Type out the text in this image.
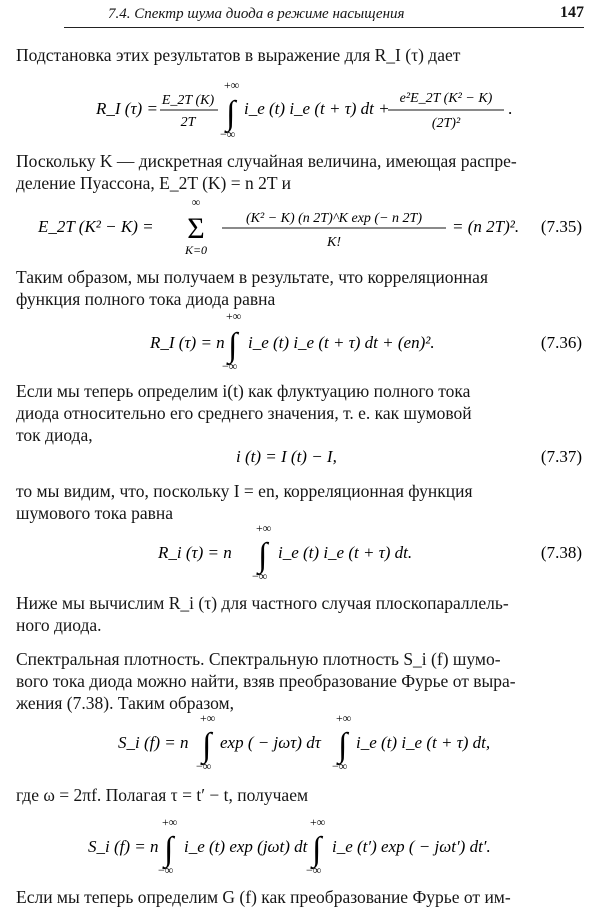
7.4. Спектр шума диода в режиме насыщения	147

Подстановка этих результатов в выражение для R_I (τ) дает

R_I (τ) = E_2T (K)
2T
+∞
∫
−∞
i_e (t) i_e (t + τ) dt +
e²E_2T (K² − K)
(2T)²
.

Поскольку K — дискретная случайная величина, имеющая распре-
деление Пуассона, E_2T (K) = n 2T и

E_2T (K² − K) =
∞
Σ
K=0
(K² − K) (n 2T)^K exp (− n 2T)
K!
= (n 2T)². (7.35)

Таким образом, мы получаем в результате, что корреляционная
функция полного тока диода равна

R_I (τ) = n
+∞
∫
−∞
i_e (t) i_e (t + τ) dt + (en)².	(7.36)

Если мы теперь определим i(t) как флуктуацию полного тока
диода относительно его среднего значения, т. е. как шумовой
ток диода,

i (t) = I (t) − I,	(7.37)

то мы видим, что, поскольку I = en, корреляционная функция
шумового тока равна

R_i (τ) = n
+∞
∫
−∞
i_e (t) i_e (t + τ) dt.	(7.38)

Ниже мы вычислим R_i (τ) для частного случая плоскопараллель-
ного диода.

Спектральная плотность. Спектральную плотность S_i (f) шумо-
вого тока диода можно найти, взяв преобразование Фурье от выра-
жения (7.38). Таким образом,

S_i (f) = n
+∞
∫
−∞
exp ( − jωτ) dτ
+∞
∫
−∞
i_e (t) i_e (t + τ) dt,

где ω = 2πf. Полагая τ = t′ − t, получаем

S_i (f) = n
+∞
∫
−∞
i_e (t) exp (jωt) dt
+∞
∫
−∞
i_e (t′) exp ( − jωt′) dt′.

Если мы теперь определим G (f) как преобразование Фурье от им-
